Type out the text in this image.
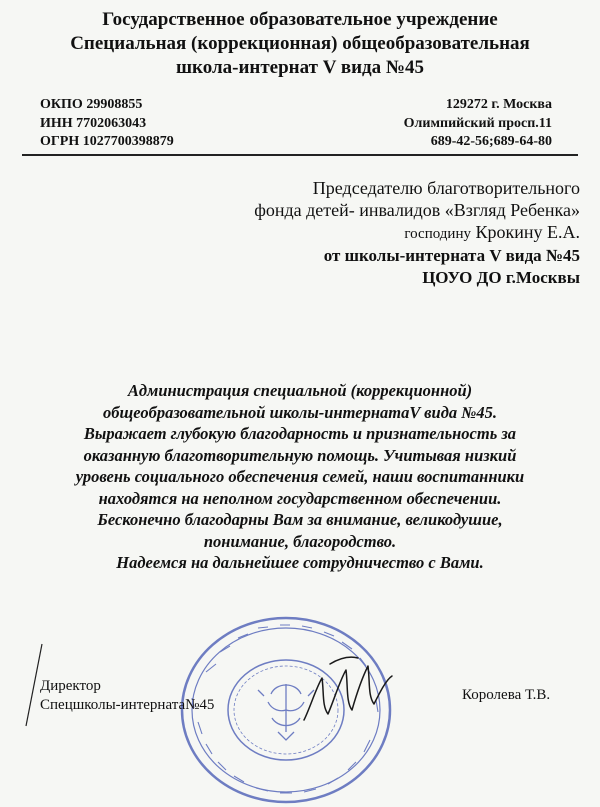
Государственное образовательное учреждение
Специальная (коррекционная) общеобразовательная
школа-интернат V вида №45
ОКПО 29908855
ИНН 7702063043
ОГРН 1027700398879
129272 г. Москва
Олимпийский просп.11
689-42-56;689-64-80
Председателю благотворительного
фонда детей- инвалидов «Взгляд Ребенка»
господину Крокину Е.А.
от школы-интерната V вида №45
ЦОУО ДО г.Москвы
Администрация специальной (коррекционной)
общеобразовательной школы-интернатаV вида №45.
Выражает глубокую благодарность и признательность за
оказанную благотворительную помощь. Учитывая низкий
уровень социального обеспечения семей, наши воспитанники
находятся на неполном государственном обеспечении.
Бесконечно благодарны Вам за внимание, великодушие,
понимание, благородство.
Надеемся на дальнейшее сотрудничество с Вами.
Директор
Спецшколы-интерната№45
Королева Т.В.
